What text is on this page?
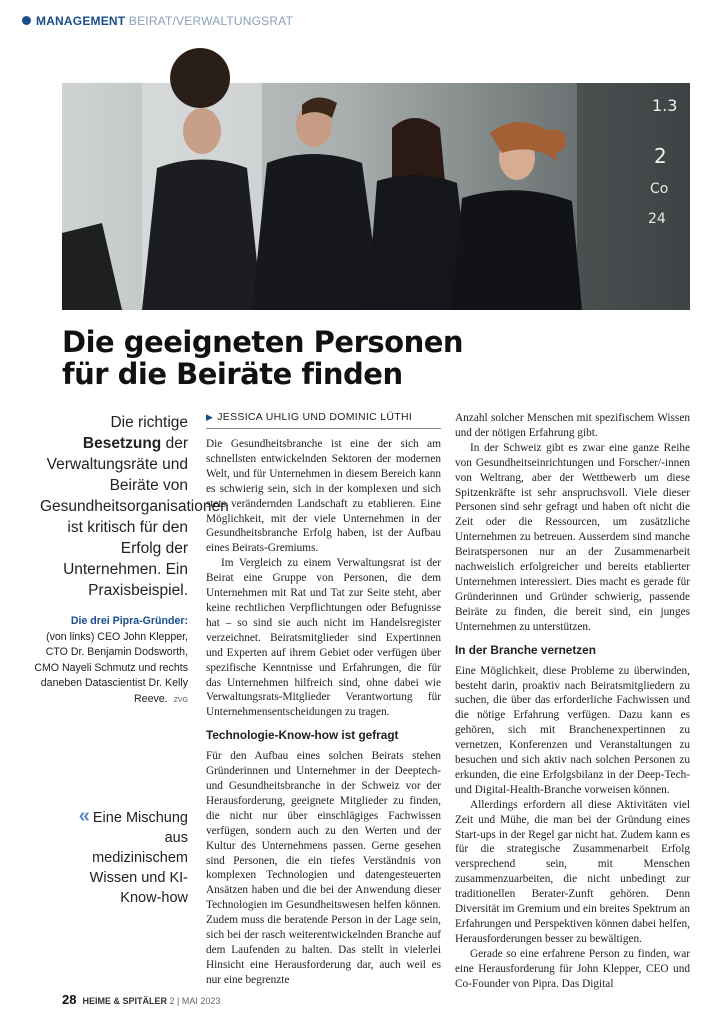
MANAGEMENT BEIRAT/VERWALTUNGSRAT
1.3
2
Co
24
Die geeigneten Personen
für die Beiräte finden
Die richtige Besetzung der Verwaltungsräte und Beiräte von Gesundheitsorganisationen ist kritisch für den Erfolg der Unternehmen. Ein Praxisbeispiel.
Die drei Pipra-Gründer:
(von links) CEO John Klepper, CTO Dr. Benjamin Dodsworth, CMO Nayeli Schmutz und rechts daneben Datascientist Dr. Kelly Reeve. ZVG
« Eine Mischung aus medizinischem Wissen und KI-Know-how
▶ JESSICA UHLIG UND DOMINIC LÜTHI

Die Gesundheitsbranche ist eine der sich am schnellsten entwickelnden Sektoren der modernen Welt, und für Unternehmen in diesem Bereich kann es schwierig sein, sich in der komplexen und sich stets verändernden Landschaft zu etablieren. Eine Möglichkeit, mit der viele Unternehmen in der Gesundheitsbranche Erfolg haben, ist der Aufbau eines Beirats-Gremiums.

Im Vergleich zu einem Verwaltungsrat ist der Beirat eine Gruppe von Personen, die dem Unternehmen mit Rat und Tat zur Seite steht, aber keine rechtlichen Verpflichtungen oder Befugnisse hat – so sind sie auch nicht im Handelsregister verzeichnet. Beiratsmitglieder sind Expertinnen und Experten auf ihrem Gebiet oder verfügen über spezifische Kenntnisse und Erfahrungen, die für das Unternehmen hilfreich sind, ohne dabei wie Verwaltungsrats-Mitglieder Verantwortung für Unternehmensentscheidungen zu tragen.

Technologie-Know-how ist gefragt

Für den Aufbau eines solchen Beirats stehen Gründerinnen und Unternehmer in der Deeptech- und Gesundheitsbranche in der Schweiz vor der Herausforderung, geeignete Mitglieder zu finden, die nicht nur über einschlägiges Fachwissen verfügen, sondern auch zu den Werten und der Kultur des Unternehmens passen. Gerne gesehen sind Personen, die ein tiefes Verständnis von komplexen Technologien und datengesteuerten Ansätzen haben und die bei der Anwendung dieser Technologien im Gesundheitswesen helfen können. Zudem muss die beratende Person in der Lage sein, sich bei der rasch weiterentwickelnden Branche auf dem Laufenden zu halten. Das stellt in vielerlei Hinsicht eine Herausforderung dar, auch weil es nur eine begrenzte

Anzahl solcher Menschen mit spezifischem Wissen und der nötigen Erfahrung gibt.

In der Schweiz gibt es zwar eine ganze Reihe von Gesundheitseinrichtungen und Forscher/-innen von Weltrang, aber der Wettbewerb um diese Spitzenkräfte ist sehr anspruchsvoll. Viele dieser Personen sind sehr gefragt und haben oft nicht die Zeit oder die Ressourcen, um zusätzliche Unternehmen zu betreuen. Ausserdem sind manche Beiratspersonen nur an der Zusammenarbeit nachweislich erfolgreicher und bereits etablierter Unternehmen interessiert. Dies macht es gerade für Gründerinnen und Gründer schwierig, passende Beiräte zu finden, die bereit sind, ein junges Unternehmen zu unterstützen.

In der Branche vernetzen

Eine Möglichkeit, diese Probleme zu überwinden, besteht darin, proaktiv nach Beiratsmitgliedern zu suchen, die über das erforderliche Fachwissen und die nötige Erfahrung verfügen. Dazu kann es gehören, sich mit Branchenexpertinnen zu vernetzen, Konferenzen und Veranstaltungen zu besuchen und sich aktiv nach solchen Personen zu erkunden, die eine Erfolgsbilanz in der Deep-Tech- und Digital-Health-Branche vorweisen können.

Allerdings erfordern all diese Aktivitäten viel Zeit und Mühe, die man bei der Gründung eines Start-ups in der Regel gar nicht hat. Zudem kann es für die strategische Zusammenarbeit Erfolg versprechend sein, mit Menschen zusammenzuarbeiten, die nicht unbedingt zur traditionellen Berater-Zunft gehören. Denn Diversität im Gremium und ein breites Spektrum an Erfahrungen und Perspektiven können dabei helfen, Herausforderungen besser zu bewältigen.

Gerade so eine erfahrene Person zu finden, war eine Herausforderung für John Klepper, CEO und Co-Founder von Pipra. Das Digital

28 HEIME & SPITÄLER 2 | MAI 2023
